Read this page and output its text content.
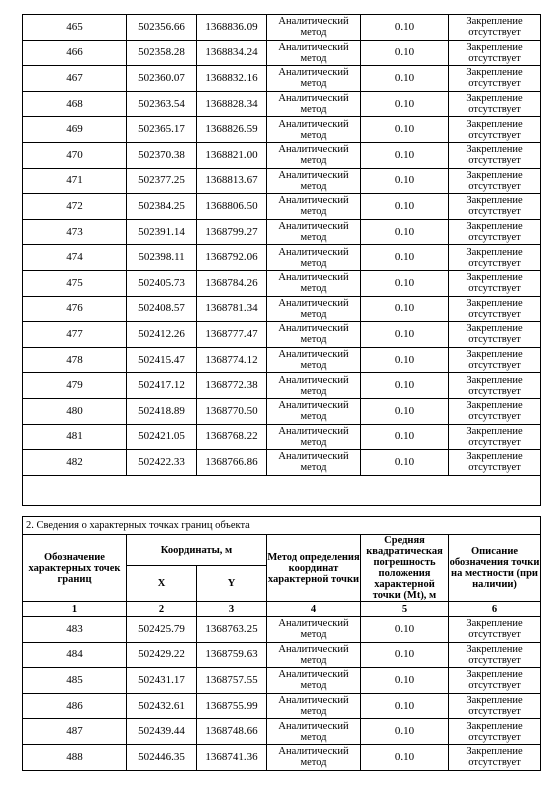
465	502356.66	1368836.09	Аналитический метод	0.10	Закрепление отсутствует
466	502358.28	1368834.24	Аналитический метод	0.10	Закрепление отсутствует
467	502360.07	1368832.16	Аналитический метод	0.10	Закрепление отсутствует
468	502363.54	1368828.34	Аналитический метод	0.10	Закрепление отсутствует
469	502365.17	1368826.59	Аналитический метод	0.10	Закрепление отсутствует
470	502370.38	1368821.00	Аналитический метод	0.10	Закрепление отсутствует
471	502377.25	1368813.67	Аналитический метод	0.10	Закрепление отсутствует
472	502384.25	1368806.50	Аналитический метод	0.10	Закрепление отсутствует
473	502391.14	1368799.27	Аналитический метод	0.10	Закрепление отсутствует
474	502398.11	1368792.06	Аналитический метод	0.10	Закрепление отсутствует
475	502405.73	1368784.26	Аналитический метод	0.10	Закрепление отсутствует
476	502408.57	1368781.34	Аналитический метод	0.10	Закрепление отсутствует
477	502412.26	1368777.47	Аналитический метод	0.10	Закрепление отсутствует
478	502415.47	1368774.12	Аналитический метод	0.10	Закрепление отсутствует
479	502417.12	1368772.38	Аналитический метод	0.10	Закрепление отсутствует
480	502418.89	1368770.50	Аналитический метод	0.10	Закрепление отсутствует
481	502421.05	1368768.22	Аналитический метод	0.10	Закрепление отсутствует
482	502422.33	1368766.86	Аналитический метод	0.10	Закрепление отсутствует

2. Сведения о характерных точках границ объекта					
Обозначение характерных точек границ	Координаты, м		Метод определения координат характерной точки	Средняя квадратическая погрешность положения характерной точки (Mt), м	Описание обозначения точки на местности (при наличии)
	X	Y			
1	2	3	4	5	6
483	502425.79	1368763.25	Аналитический метод	0.10	Закрепление отсутствует
484	502429.22	1368759.63	Аналитический метод	0.10	Закрепление отсутствует
485	502431.17	1368757.55	Аналитический метод	0.10	Закрепление отсутствует
486	502432.61	1368755.99	Аналитический метод	0.10	Закрепление отсутствует
487	502439.44	1368748.66	Аналитический метод	0.10	Закрепление отсутствует
488	502446.35	1368741.36	Аналитический метод	0.10	Закрепление отсутствует
